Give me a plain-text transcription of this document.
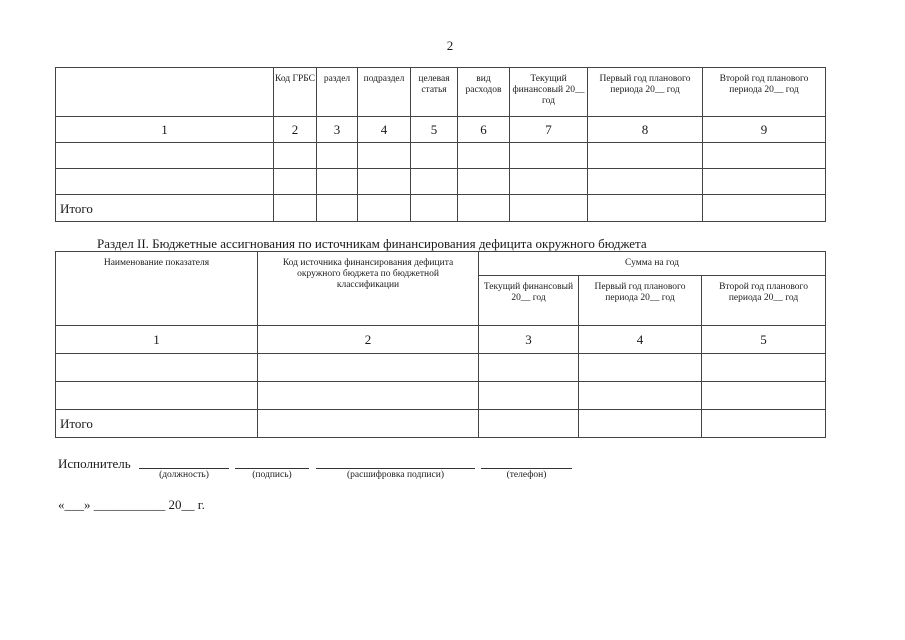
2
	Код ГРБС	раздел	подраздел	целевая статья	вид расходов	Текущий финансовый 20__ год	Первый год планового периода 20__ год	Второй год планового периода 20__ год
1	2	3	4	5	6	7	8	9

Итого								
Раздел II. Бюджетные ассигнования по источникам финансирования дефицита окружного бюджета
Наименование показателя	Код источника финансирования дефицита окружного бюджета по бюджетной классификации	Сумма на год		
		Текущий финансовый 20__ год	Первый год планового периода 20__ год	Второй год планового периода 20__ год
1	2	3	4	5

Итого				
Исполнитель
(должность)	(подпись)	(расшифровка подписи)	(телефон)
«___» ___________ 20__ г.
